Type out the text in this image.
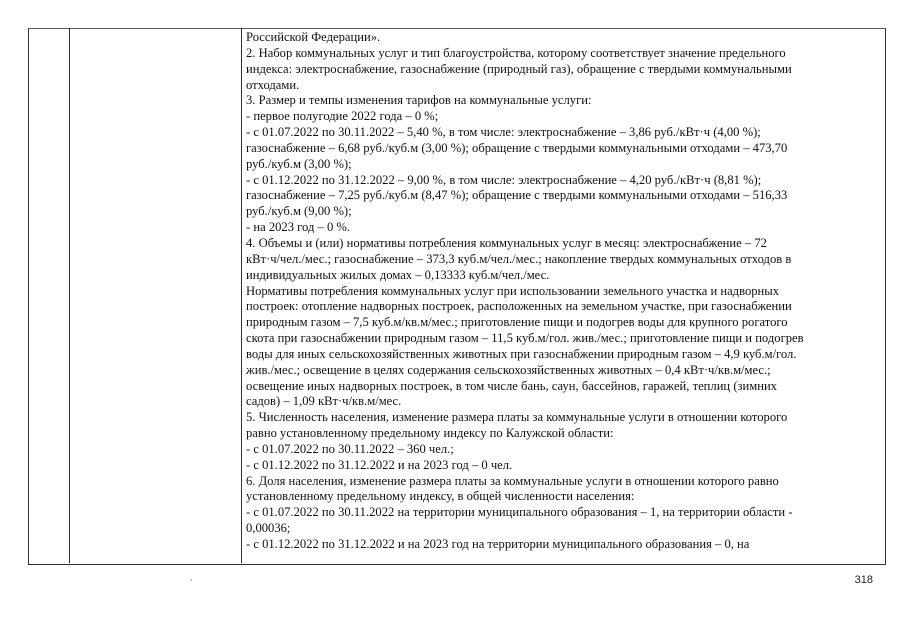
Российской Федерации».
2. Набор коммунальных услуг и тип благоустройства, которому соответствует значение предельного
индекса: электроснабжение, газоснабжение (природный газ), обращение с твердыми коммунальными
отходами.
3. Размер и темпы изменения тарифов на коммунальные услуги:
- первое полугодие 2022 года – 0 %;
- с 01.07.2022 по 30.11.2022 – 5,40 %, в том числе: электроснабжение – 3,86 руб./кВт·ч (4,00 %);
газоснабжение – 6,68 руб./куб.м (3,00 %); обращение с твердыми коммунальными отходами – 473,70
руб./куб.м (3,00 %);
- с 01.12.2022 по 31.12.2022 – 9,00 %, в том числе: электроснабжение – 4,20 руб./кВт·ч (8,81 %);
газоснабжение – 7,25 руб./куб.м (8,47 %); обращение с твердыми коммунальными отходами – 516,33
руб./куб.м (9,00 %);
- на 2023 год – 0 %.
4. Объемы и (или) нормативы потребления коммунальных услуг в месяц: электроснабжение – 72
кВт·ч/чел./мес.; газоснабжение – 373,3 куб.м/чел./мес.; накопление твердых коммунальных отходов в
индивидуальных жилых домах – 0,13333 куб.м/чел./мес.
Нормативы потребления коммунальных услуг при использовании земельного участка и надворных
построек: отопление надворных построек, расположенных на земельном участке, при газоснабжении
природным газом – 7,5 куб.м/кв.м/мес.; приготовление пищи и подогрев воды для крупного рогатого
скота при газоснабжении природным газом – 11,5 куб.м/гол. жив./мес.; приготовление пищи и подогрев
воды для иных сельскохозяйственных животных при газоснабжении природным газом – 4,9 куб.м/гол.
жив./мес.; освещение в целях содержания сельскохозяйственных животных – 0,4 кВт·ч/кв.м/мес.;
освещение иных надворных построек, в том числе бань, саун, бассейнов, гаражей, теплиц (зимних
садов) – 1,09 кВт·ч/кв.м/мес.
5. Численность населения, изменение размера платы за коммунальные услуги в отношении которого
равно установленному предельному индексу по Калужской области:
- с 01.07.2022 по 30.11.2022 – 360 чел.;
- с 01.12.2022 по 31.12.2022 и на 2023 год – 0 чел.
6. Доля населения, изменение размера платы за коммунальные услуги в отношении которого равно
установленному предельному индексу, в общей численности населения:
- с 01.07.2022 по 30.11.2022 на территории муниципального образования – 1, на территории области -
0,00036;
- с 01.12.2022 по 31.12.2022 и на 2023 год на территории муниципального образования – 0, на
318
